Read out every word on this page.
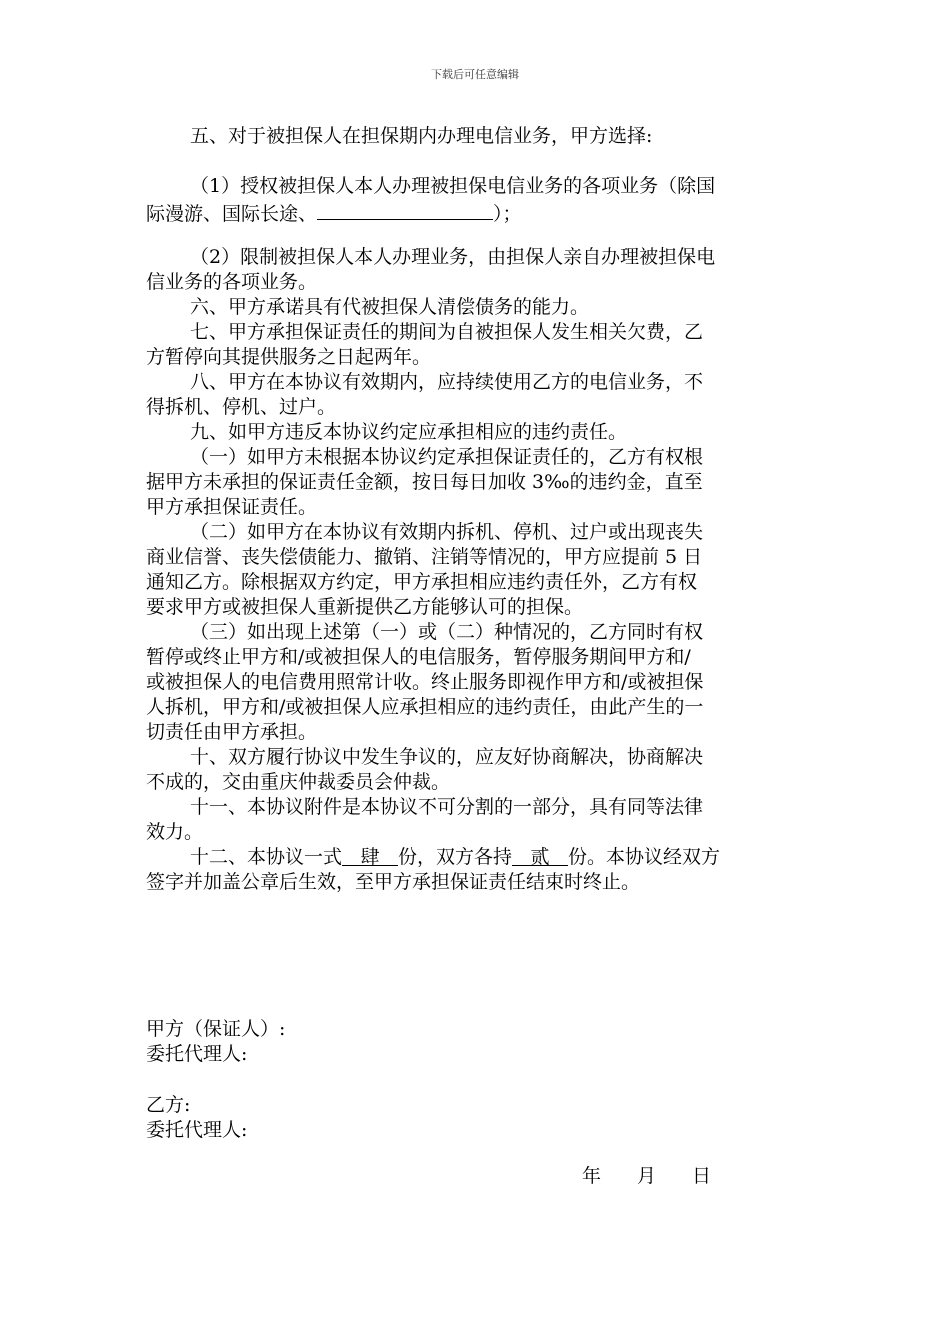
下载后可任意编辑
五、对于被担保人在担保期内办理电信业务，甲方选择:
（1）授权被担保人本人办理被担保电信业务的各项业务（除国
际漫游、国际长途、	）；
（2）限制被担保人本人办理业务，由担保人亲自办理被担保电
信业务的各项业务。
六、甲方承诺具有代被担保人清偿债务的能力。
七、甲方承担保证责任的期间为自被担保人发生相关欠费，乙
方暂停向其提供服务之日起两年。
八、甲方在本协议有效期内，应持续使用乙方的电信业务，不
得拆机、停机、过户。
九、如甲方违反本协议约定应承担相应的违约责任。
（一）如甲方未根据本协议约定承担保证责任的，乙方有权根
据甲方未承担的保证责任金额，按日每日加收 3‰的违约金，直至
甲方承担保证责任。
（二）如甲方在本协议有效期内拆机、停机、过户或出现丧失
商业信誉、丧失偿债能力、撤销、注销等情况的，甲方应提前 5 日
通知乙方。除根据双方约定，甲方承担相应违约责任外，乙方有权
要求甲方或被担保人重新提供乙方能够认可的担保。
（三）如出现上述第（一）或（二）种情况的，乙方同时有权
暂停或终止甲方和/或被担保人的电信服务，暂停服务期间甲方和/
或被担保人的电信费用照常计收。终止服务即视作甲方和/或被担保
人拆机，甲方和/或被担保人应承担相应的违约责任，由此产生的一
切责任由甲方承担。
十、双方履行协议中发生争议的，应友好协商解决，协商解决
不成的，交由重庆仲裁委员会仲裁。
十一、本协议附件是本协议不可分割的一部分，具有同等法律
效力。
十二、本协议一式 肆 份，双方各持 贰 份。本协议经双方
签字并加盖公章后生效，至甲方承担保证责任结束时终止。
甲方（保证人）:
委托代理人:
乙方:
委托代理人:
年	月	日
